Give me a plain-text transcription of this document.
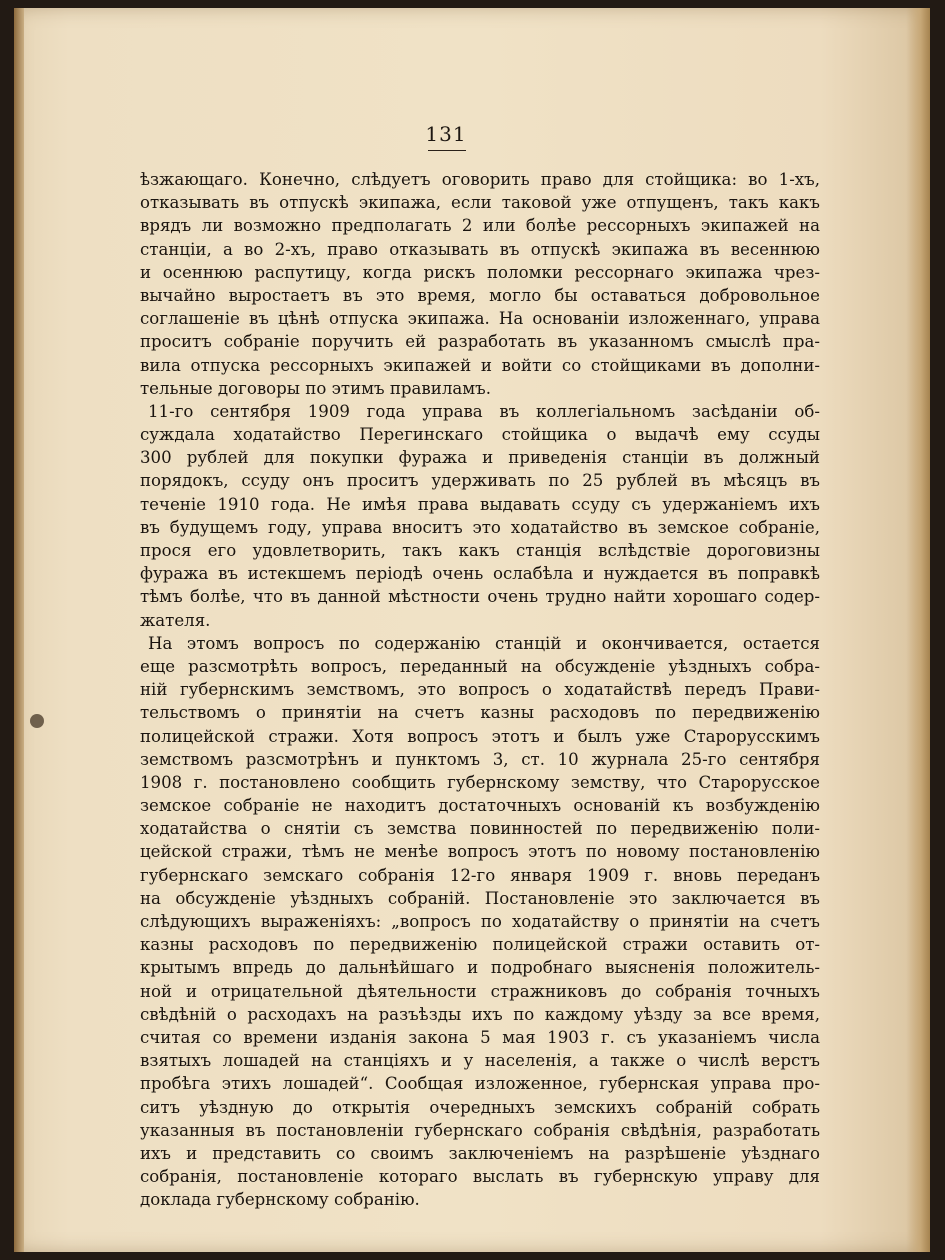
131
ѣзжающаго. Конечно, слѣдуетъ оговорить право для стойщика: во 1-хъ,
отказывать въ отпускѣ экипажа, если таковой уже отпущенъ, такъ какъ
врядъ ли возможно предполагать 2 или болѣе рессорныхъ экипажей на
станціи, а во 2-хъ, право отказывать въ отпускѣ экипажа въ весеннюю
и осеннюю распутицу, когда рискъ поломки рессорнаго экипажа чрез-
вычайно выростаетъ въ это время, могло бы оставаться добровольное
соглашеніе въ цѣнѣ отпуска экипажа. На основаніи изложеннаго, управа
проситъ собраніе поручить ей разработать въ указанномъ смыслѣ пра-
вила отпуска рессорныхъ экипажей и войти со стойщиками въ дополни-
тельные договоры по этимъ правиламъ.
11-го сентября 1909 года управа въ коллегіальномъ засѣданіи об-
суждала ходатайство Перегинскаго стойщика о выдачѣ ему ссуды
300 рублей для покупки фуража и приведенія станціи въ должный
порядокъ, ссуду онъ проситъ удерживать по 25 рублей въ мѣсяцъ въ
теченіе 1910 года. Не имѣя права выдавать ссуду съ удержаніемъ ихъ
въ будущемъ году, управа вноситъ это ходатайство въ земское собраніе,
прося его удовлетворить, такъ какъ станція вслѣдствіе дороговизны
фуража въ истекшемъ періодѣ очень ослабѣла и нуждается въ поправкѣ
тѣмъ болѣе, что въ данной мѣстности очень трудно найти хорошаго содер-
жателя.
На этомъ вопросъ по содержанію станцій и окончивается, остается
еще разсмотрѣть вопросъ, переданный на обсужденіе уѣздныхъ собра-
ній губернскимъ земствомъ, это вопросъ о ходатайствѣ передъ Прави-
тельствомъ о принятіи на счетъ казны расходовъ по передвиженію
полицейской стражи. Хотя вопросъ этотъ и былъ уже Старорусскимъ
земствомъ разсмотрѣнъ и пунктомъ 3, ст. 10 журнала 25-го сентября
1908 г. постановлено сообщить губернскому земству, что Старорусское
земское собраніе не находитъ достаточныхъ основаній къ возбужденію
ходатайства о снятіи съ земства повинностей по передвиженію поли-
цейской стражи, тѣмъ не менѣе вопросъ этотъ по новому постановленію
губернскаго земскаго собранія 12-го января 1909 г. вновь переданъ
на обсужденіе уѣздныхъ собраній. Постановленіе это заключается въ
слѣдующихъ выраженіяхъ: „вопросъ по ходатайству о принятіи на счетъ
казны расходовъ по передвиженію полицейской стражи оставить от-
крытымъ впредь до дальнѣйшаго и подробнаго выясненія положитель-
ной и отрицательной дѣятельности стражниковъ до собранія точныхъ
свѣдѣній о расходахъ на разъѣзды ихъ по каждому уѣзду за все время,
считая со времени изданія закона 5 мая 1903 г. съ указаніемъ числа
взятыхъ лошадей на станціяхъ и у населенія, а также о числѣ верстъ
пробѣга этихъ лошадей“. Сообщая изложенное, губернская управа про-
ситъ уѣздную до открытія очередныхъ земскихъ собраній собрать
указанныя въ постановленіи губернскаго собранія свѣдѣнія, разработать
ихъ и представить со своимъ заключеніемъ на разрѣшеніе уѣзднаго
собранія, постановленіе котораго выслать въ губернскую управу для
доклада губернскому собранію.
